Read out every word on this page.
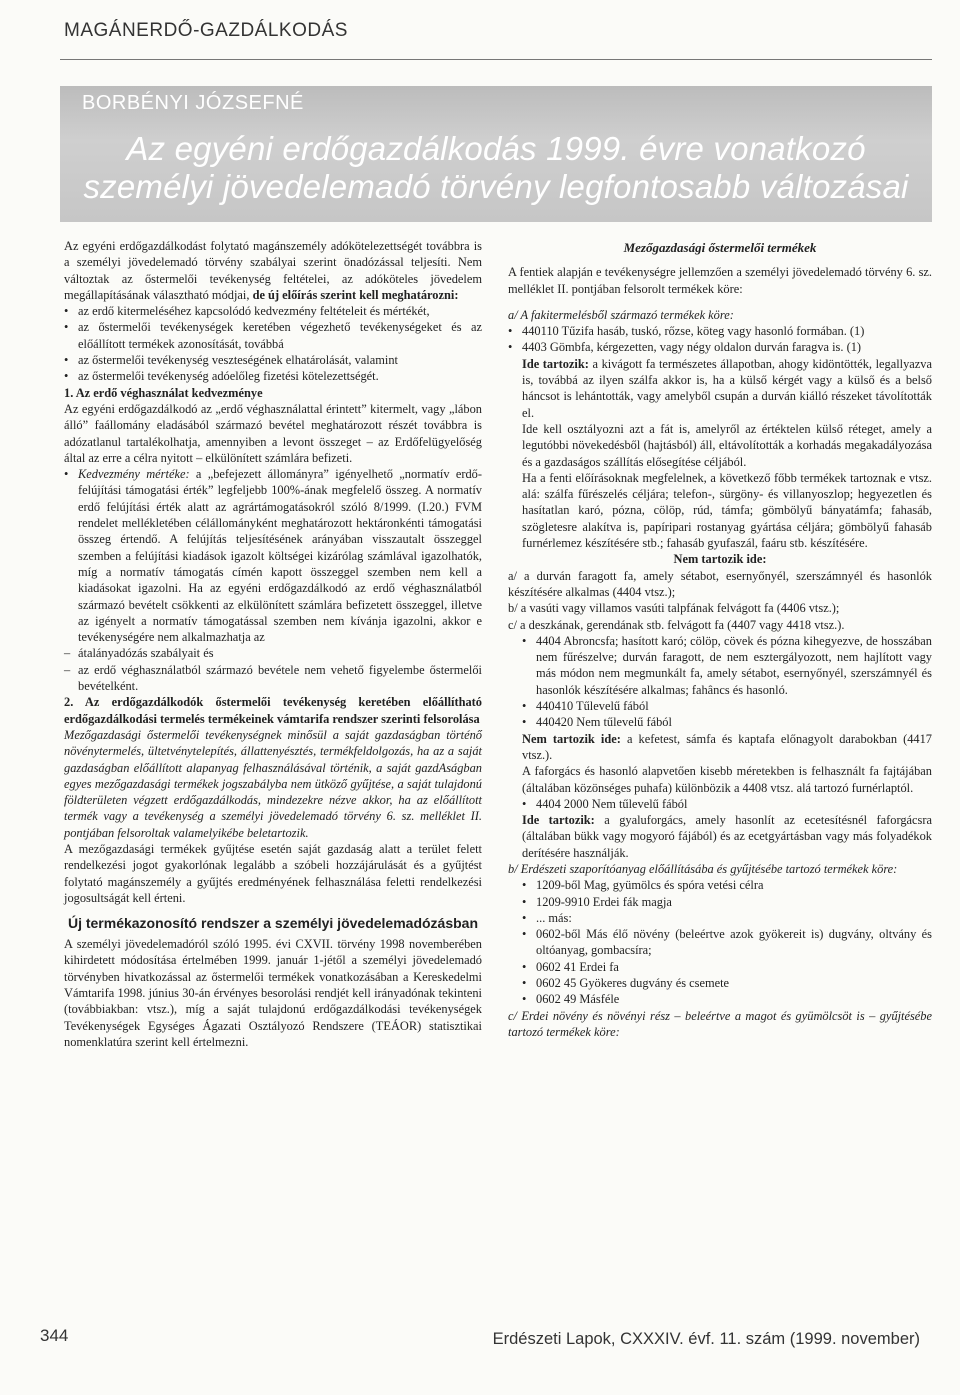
MAGÁNERDŐ-GAZDÁLKODÁS
BORBÉNYI JÓZSEFNÉ
Az egyéni erdőgazdálkodás 1999. évre vonatkozó
személyi jövedelemadó törvény legfontosabb változásai

Az egyéni erdőgazdálkodást folytató magánszemély adókötelezettségét továbbra is a személyi jövedelemadó törvény szabályai szerint önadózással teljesíti. Nem változtak az őstermelői tevékenység feltételei, az adóköteles jövedelem megállapításának választható módjai, de új előírás szerint kell meghatározni:

• az erdő kitermeléséhez kapcsolódó kedvezmény feltételeit és mértékét,
• az őstermelői tevékenységek keretében végezhető tevékenységeket és az előállított termékek azonosítását, továbbá
• az őstermelői tevékenység veszteségének elhatárolását, valamint
• az őstermelői tevékenység adóelőleg fizetési kötelezettségét.

1. Az erdő véghasználat kedvezménye

Az egyéni erdőgazdálkodó az „erdő véghasználattal érintett” kitermelt, vagy „lábon álló” faállomány eladásából származó bevétel meghatározott részét továbbra is adózatlanul tartalékolhatja, amennyiben a levont összeget – az Erdőfelügyelőség által az erre a célra nyitott – elkülönített számlára befizeti.

• Kedvezmény mértéke: a „befejezett állományra” igényelhető „normatív erdő-felújítási támogatási érték” legfeljebb 100%-ának megfelelő összeg. A normatív erdő felújítási érték alatt az agrártámogatásokról szóló 8/1999. (I.20.) FVM rendelet mellékletében célállományként meghatározott hektáronkénti támogatási összeg értendő. A felújítás teljesítésének arányában visszautalt összeggel szemben a felújítási kiadások igazolt költségei kizárólag számlával igazolhatók, míg a normatív támogatás címén kapott összeggel szemben nem kell a kiadásokat igazolni. Ha az egyéni erdőgazdálkodó az erdő véghasználatból származó bevételt csökkenti az elkülönített számlára befizetett összeggel, illetve az igényelt a normatív támogatással szemben nem kívánja igazolni, akkor e tevékenységére nem alkalmazhatja az
– átalányadózás szabályait és
– az erdő véghasználatból származó bevétele nem vehető figyelembe őstermelői bevételként.

2. Az erdőgazdálkodók őstermelői tevékenység keretében előállítható erdőgazdálkodási termelés termékeinek vámtarifa rendszer szerinti felsorolása

Mezőgazdasági őstermelői tevékenységnek minősül a saját gazdaságban történő növénytermelés, ültetvénytelepítés, állattenyésztés, termékfeldolgozás, ha az a saját gazdaságban előállított alapanyag felhasználásával történik, a saját gazdAságban egyes mezőgazdasági termékek jogszabályba nem ütköző gyűjtése, a saját tulajdonú földterületen végzett erdőgazdálkodás, mindezekre nézve akkor, ha az előállított termék vagy a tevékenység a személyi jövedelemadó törvény 6. sz. melléklet II. pontjában felsoroltak valamelyikébe beletartozik.

A mezőgazdasági termékek gyűjtése esetén saját gazdaság alatt a terület felett rendelkezési jogot gyakorlónak legalább a szóbeli hozzájárulását és a gyűjtést folytató magánszemély a gyűjtés eredményének felhasználása feletti rendelkezési jogosultságát kell érteni.

Új termékazonosító rendszer a személyi jövedelemadózásban

A személyi jövedelemadóról szóló 1995. évi CXVII. törvény 1998 novemberében kihirdetett módosítása értelmében 1999. január 1-jétől a személyi jövedelemadó törvényben hivatkozással az őstermelői termékek vonatkozásában a Kereskedelmi Vámtarifa 1998. június 30-án érvényes besorolási rendjét kell irányadónak tekinteni (továbbiakban: vtsz.), míg a saját tulajdonú erdőgazdálkodási tevékenységek Tevékenységek Egységes Ágazati Osztályozó Rendszere (TEÁOR) statisztikai nomenklatúra szerint kell értelmezni.

Mezőgazdasági őstermelői termékek

A fentiek alapján e tevékenységre jellemzően a személyi jövedelemadó törvény 6. sz. melléklet II. pontjában felsorolt termékek köre:

a/ A fakitermelésből származó termékek köre:

• 440110 Tűzifa hasáb, tuskó, rőzse, köteg vagy hasonló formában. (1)
• 4403 Gömbfa, kérgezetten, vagy négy oldalon durván faragva is. (1)

Ide tartozik: a kivágott fa természetes állapotban, ahogy kidöntötték, legallyazva is, továbbá az ilyen szálfa akkor is, ha a külső kérgét vagy a külső és a belső háncsot is lehántották, vagy amelyből csupán a durván kiálló részeket távolították el.

Ide kell osztályozni azt a fát is, amelyről az értéktelen külső réteget, amely a legutóbbi növekedésből (hajtásból) áll, eltávolították a korhadás megakadályozása és a gazdaságos szállítás elősegítése céljából.

Ha a fenti előírásoknak megfelelnek, a következő főbb termékek tartoznak e vtsz. alá: szálfa fűrészelés céljára; telefon-, sürgöny- és villanyoszlop; hegyezetlen és hasítatlan karó, pózna, cölöp, rúd, támfa; gömbölyű bányatámfa; fahasáb, szögletesre alakítva is, papíripari rostanyag gyártása céljára; gömbölyű fahasáb furnérlemez készítésére stb.; fahasáb gyufaszál, faáru stb. készítésére.

Nem tartozik ide:

a/ a durván faragott fa, amely sétabot, esernyőnyél, szerszámnyél és hasonlók készítésére alkalmas (4404 vtsz.);

b/ a vasúti vagy villamos vasúti talpfának felvágott fa (4406 vtsz.);

c/ a deszkának, gerendának stb. felvágott fa (4407 vagy 4418 vtsz.).

• 4404 Abroncsfa; hasított karó; cölöp, cövek és pózna kihegyezve, de hosszában nem fűrészelve; durván faragott, de nem esztergályozott, nem hajlított vagy más módon nem megmunkált fa, amely sétabot, esernyőnyél, szerszámnyél és hasonlók készítésére alkalmas; fahâncs és hasonló.
• 440410 Tűlevelű fából
• 440420 Nem tűlevelű fából

Nem tartozik ide: a kefetest, sámfa és kaptafa előnagyolt darabokban (4417 vtsz.).

A faforgács és hasonló alapvetően kisebb méretekben is felhasznált fa fajtájában (általában közönséges puhafa) különbözik a 4408 vtsz. alá tartozó furnérlaptól.

• 4404 2000 Nem tűlevelű fából

Ide tartozik: a gyaluforgács, amely hasonlít az ecetesítésnél faforgácsra (általában bükk vagy mogyoró fájából) és az ecetgyártásban vagy más folyadékok derítésére használják.

b/ Erdészeti szaporítóanyag előállításába és gyűjtésébe tartozó termékek köre:

• 1209-ből Mag, gyümölcs és spóra vetési célra
• 1209-9910 Erdei fák magja
• ... más:
• 0602-ből Más élő növény (beleértve azok gyökereit is) dugvány, oltvány és oltóanyag, gombacsíra;
• 0602 41 Erdei fa
• 0602 45 Gyökeres dugvány és csemete
• 0602 49 Másféle

c/ Erdei növény és növényi rész – beleértve a magot és gyümölcsöt is – gyűjtésébe tartozó termékek köre:

344	Erdészeti Lapok, CXXXIV. évf. 11. szám (1999. november)
